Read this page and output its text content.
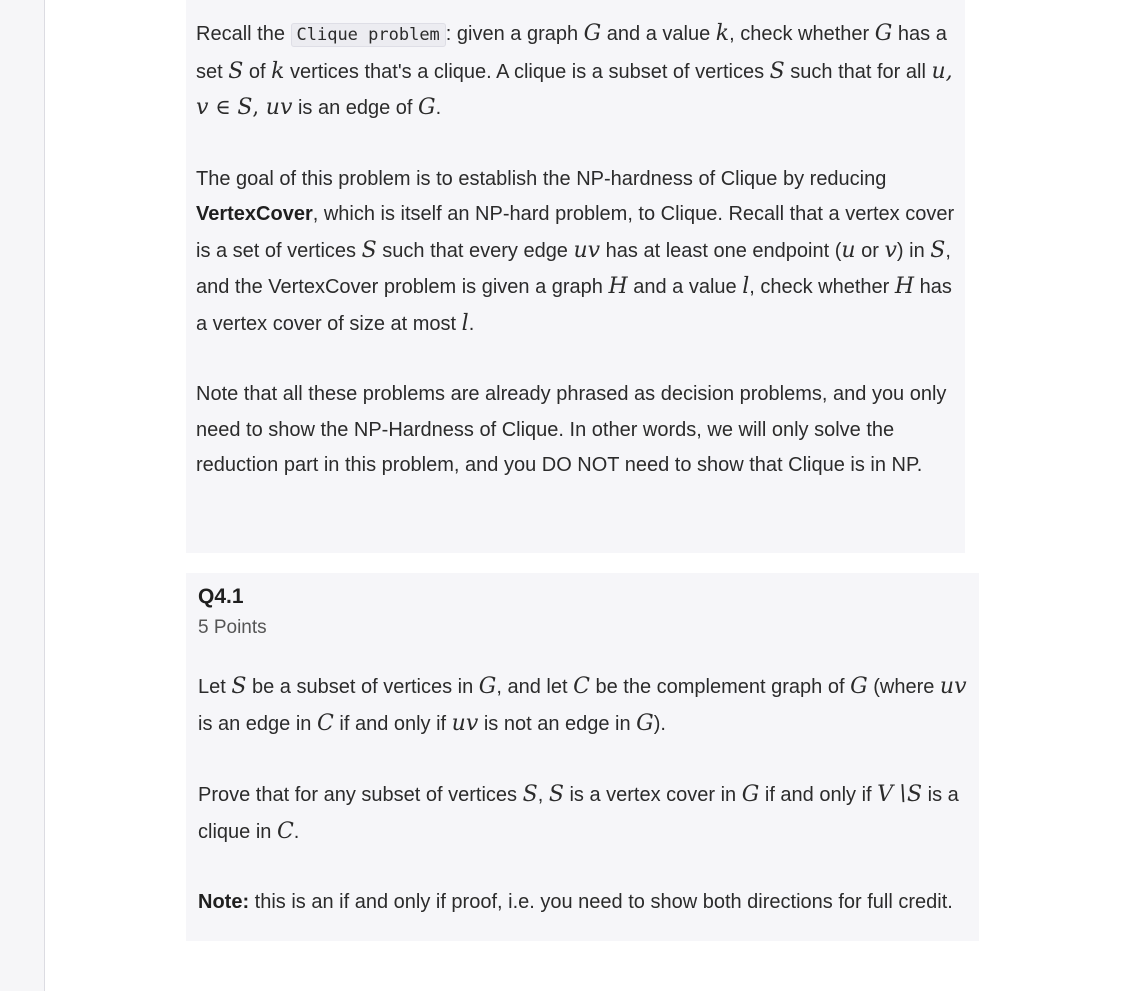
Recall the Clique problem : given a graph G and a value k, check whether G has a set S of k vertices that's a clique. A clique is a subset of vertices S such that for all u, v ∈ S, uv is an edge of G.

The goal of this problem is to establish the NP-hardness of Clique by reducing VertexCover, which is itself an NP-hard problem, to Clique. Recall that a vertex cover is a set of vertices S such that every edge uv has at least one endpoint (u or v) in S, and the VertexCover problem is given a graph H and a value l, check whether H has a vertex cover of size at most l.

Note that all these problems are already phrased as decision problems, and you only need to show the NP-Hardness of Clique. In other words, we will only solve the reduction part in this problem, and you DO NOT need to show that Clique is in NP.

Q4.1
5 Points

Let S be a subset of vertices in G, and let C be the complement graph of G (where uv is an edge in C if and only if uv is not an edge in G).

Prove that for any subset of vertices S, S is a vertex cover in G if and only if V∖S is a clique in C.

Note: this is an if and only if proof, i.e. you need to show both directions for full credit.
